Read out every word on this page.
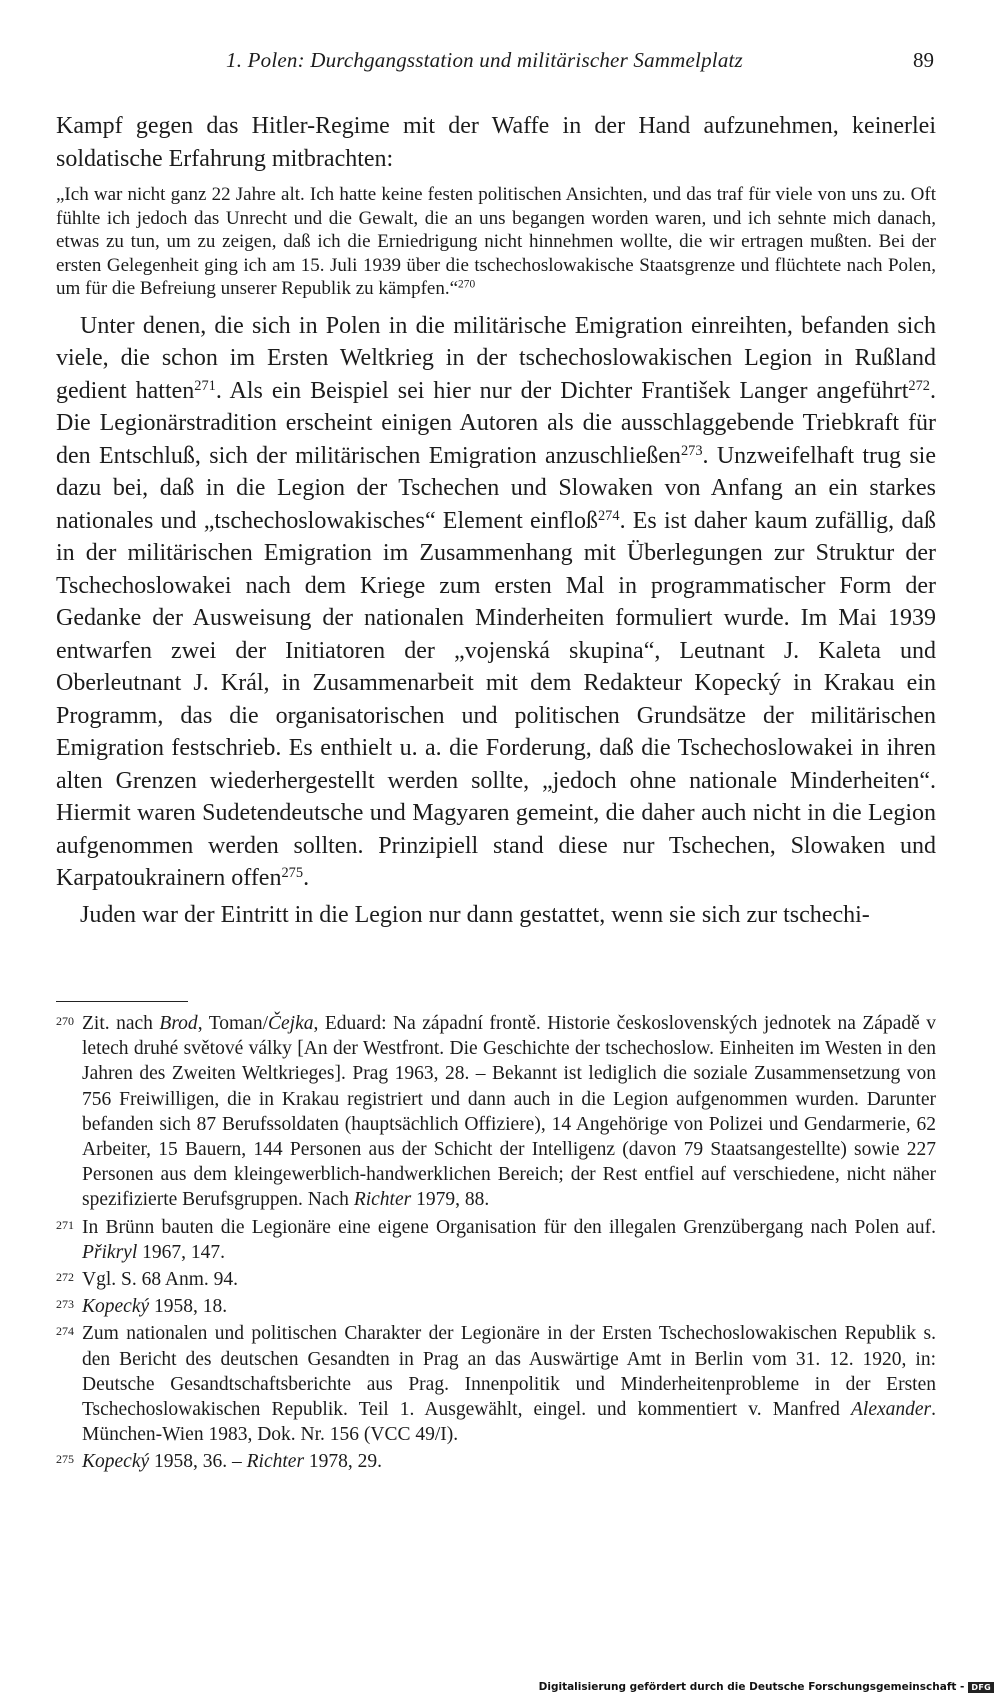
1. Polen: Durchgangsstation und militärischer Sammelplatz	89

Kampf gegen das Hitler-Regime mit der Waffe in der Hand aufzunehmen, keinerlei soldatische Erfahrung mitbrachten:

„Ich war nicht ganz 22 Jahre alt. Ich hatte keine festen politischen Ansichten, und das traf für viele von uns zu. Oft fühlte ich jedoch das Unrecht und die Gewalt, die an uns begangen worden waren, und ich sehnte mich danach, etwas zu tun, um zu zeigen, daß ich die Erniedrigung nicht hinnehmen wollte, die wir ertragen mußten. Bei der ersten Gelegenheit ging ich am 15. Juli 1939 über die tschechoslowakische Staatsgrenze und flüchtete nach Polen, um für die Befreiung unserer Republik zu kämpfen.“$^{270}$

 Unter denen, die sich in Polen in die militärische Emigration einreihten, befanden sich viele, die schon im Ersten Weltkrieg in der tschechoslowakischen Legion in Rußland gedient hatten$^{271}$. Als ein Beispiel sei hier nur der Dichter František Langer angeführt$^{272}$. Die Legionärstradition erscheint einigen Autoren als die ausschlaggebende Triebkraft für den Entschluß, sich der militärischen Emigration anzuschließen$^{273}$. Unzweifelhaft trug sie dazu bei, daß in die Legion der Tschechen und Slowaken von Anfang an ein starkes nationales und „tschechoslowakisches“ Element einfloß$^{274}$. Es ist daher kaum zufällig, daß in der militärischen Emigration im Zusammenhang mit Überlegungen zur Struktur der Tschechoslowakei nach dem Kriege zum ersten Mal in programmatischer Form der Gedanke der Ausweisung der nationalen Minderheiten formuliert wurde. Im Mai 1939 entwarfen zwei der Initiatoren der „vojenská skupina“, Leutnant J. Kaleta und Oberleutnant J. Král, in Zusammenarbeit mit dem Redakteur Kopecký in Krakau ein Programm, das die organisatorischen und politischen Grundsätze der militärischen Emigration festschrieb. Es enthielt u. a. die Forderung, daß die Tschechoslowakei in ihren alten Grenzen wiederhergestellt werden sollte, „jedoch ohne nationale Minderheiten“. Hiermit waren Sudetendeutsche und Magyaren gemeint, die daher auch nicht in die Legion aufgenommen werden sollten. Prinzipiell stand diese nur Tschechen, Slowaken und Karpatoukrainern offen$^{275}$.

 Juden war der Eintritt in die Legion nur dann gestattet, wenn sie sich zur tschechi-

270 Zit. nach Brod, Toman/Čejka, Eduard: Na západní frontě. Historie československých jednotek na Západě v letech druhé světové války [An der Westfront. Die Geschichte der tschechoslow. Einheiten im Westen in den Jahren des Zweiten Weltkrieges]. Prag 1963, 28. – Bekannt ist lediglich die soziale Zusammensetzung von 756 Freiwilligen, die in Krakau registriert und dann auch in die Legion aufgenommen wurden. Darunter befanden sich 87 Berufssoldaten (hauptsächlich Offiziere), 14 Angehörige von Polizei und Gendarmerie, 62 Arbeiter, 15 Bauern, 144 Personen aus der Schicht der Intelligenz (davon 79 Staatsangestellte) sowie 227 Personen aus dem kleingewerblich-handwerklichen Bereich; der Rest entfiel auf verschiedene, nicht näher spezifizierte Berufsgruppen. Nach Richter 1979, 88.

271 In Brünn bauten die Legionäre eine eigene Organisation für den illegalen Grenzübergang nach Polen auf. Přikryl 1967, 147.

272 Vgl. S. 68 Anm. 94.

273 Kopecký 1958, 18.

274 Zum nationalen und politischen Charakter der Legionäre in der Ersten Tschechoslowakischen Republik s. den Bericht des deutschen Gesandten in Prag an das Auswärtige Amt in Berlin vom 31. 12. 1920, in: Deutsche Gesandtschaftsberichte aus Prag. Innenpolitik und Minderheitenprobleme in der Ersten Tschechoslowakischen Republik. Teil 1. Ausgewählt, eingel. und kommentiert v. Manfred Alexander. München-Wien 1983, Dok. Nr. 156 (VCC 49/I).

275 Kopecký 1958, 36. – Richter 1978, 29.

Digitalisierung gefördert durch die Deutsche Forschungsgemeinschaft - DFG
